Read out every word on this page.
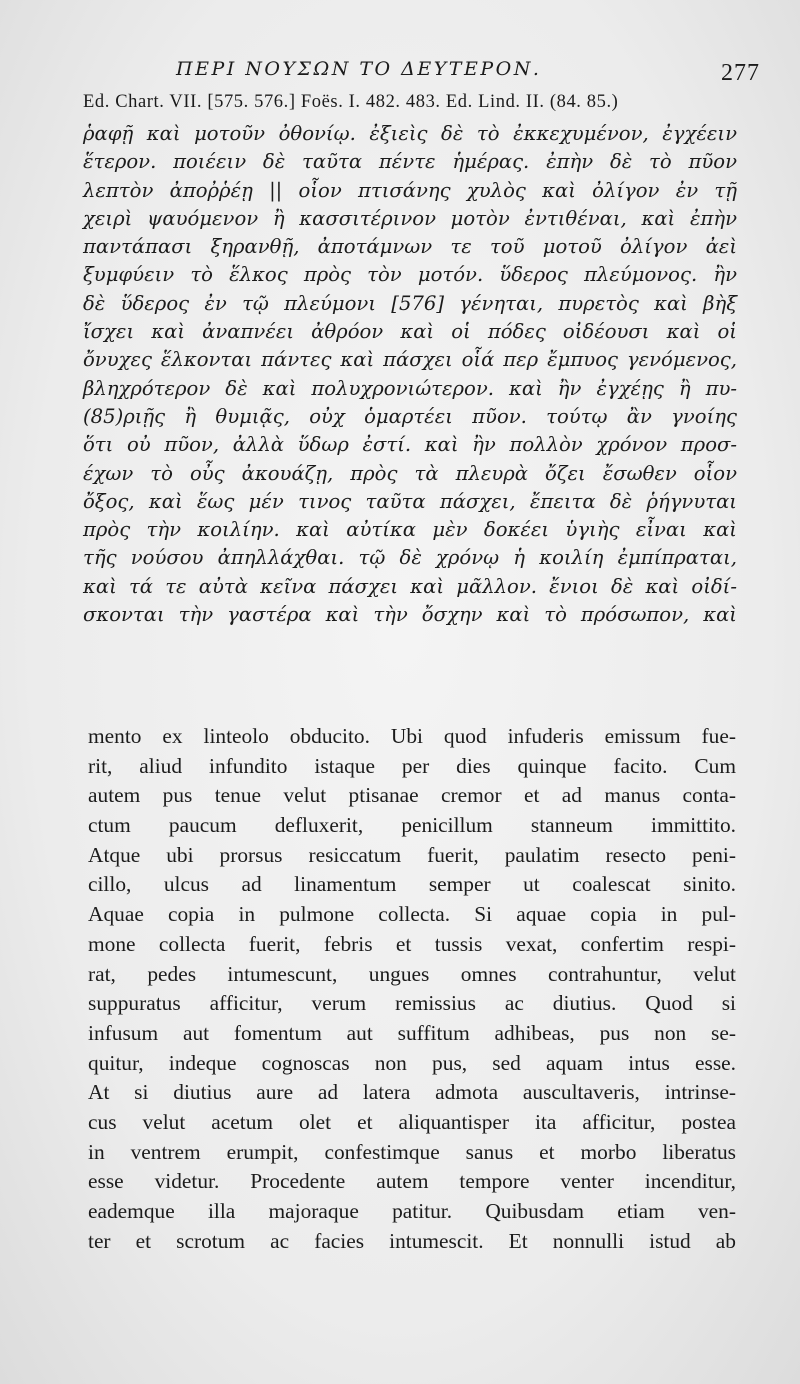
ΠΕΡΙ ΝΟΥΣΩΝ ΤΟ ΔΕΥΤΕΡΟΝ.	277
Ed. Chart. VII. [575. 576.] Foës. I. 482. 483. Ed. Lind. II. (84. 85.)
ῥαφῇ καὶ μοτοῦν ὀθονίῳ. ἐξιεὶς δὲ τὸ ἐκκεχυμένον, ἐγχέειν
ἕτερον. ποιέειν δὲ ταῦτα πέντε ἡμέρας. ἐπὴν δὲ τὸ πῦον
λεπτὸν ἀποῤῥέῃ || οἷον πτισάνης χυλὸς καὶ ὀλίγον ἐν τῇ
χειρὶ ψαυόμενον ἢ κασσιτέρινον μοτὸν ἐντιθέναι, καὶ ἐπὴν
παντάπασι ξηρανθῇ, ἀποτάμνων τε τοῦ μοτοῦ ὀλίγον ἀεὶ
ξυμφύειν τὸ ἕλκος πρὸς τὸν μοτόν. ὕδερος πλεύμονος. ἢν
δὲ ὕδερος ἐν τῷ πλεύμονι [576] γένηται, πυρετὸς καὶ βὴξ
ἴσχει καὶ ἀναπνέει ἀθρόον καὶ οἱ πόδες οἰδέουσι καὶ οἱ
ὄνυχες ἕλκονται πάντες καὶ πάσχει οἷά περ ἔμπυος γενόμενος,
βληχρότερον δὲ καὶ πολυχρονιώτερον. καὶ ἢν ἐγχέῃς ἢ πυ-
(85)ριῇς ἢ θυμιᾷς, οὐχ ὁμαρτέει πῦον. τούτῳ ἂν γνοίης
ὅτι οὐ πῦον, ἀλλὰ ὕδωρ ἐστί. καὶ ἢν πολλὸν χρόνον προσ-
έχων τὸ οὖς ἀκουάζῃ, πρὸς τὰ πλευρὰ ὄζει ἔσωθεν οἷον
ὄξος, καὶ ἕως μέν τινος ταῦτα πάσχει, ἔπειτα δὲ ῥήγνυται
πρὸς τὴν κοιλίην. καὶ αὐτίκα μὲν δοκέει ὑγιὴς εἶναι καὶ
τῆς νούσου ἀπηλλάχθαι. τῷ δὲ χρόνῳ ἡ κοιλίη ἐμπίπραται,
καὶ τά τε αὐτὰ κεῖνα πάσχει καὶ μᾶλλον. ἔνιοι δὲ καὶ οἰδί-
σκονται τὴν γαστέρα καὶ τὴν ὄσχην καὶ τὸ πρόσωπον, καὶ
mento ex linteolo obducito. Ubi quod infuderis emissum fue-
rit, aliud infundito istaque per dies quinque facito. Cum
autem pus tenue velut ptisanae cremor et ad manus conta-
ctum paucum defluxerit, penicillum stanneum immittito.
Atque ubi prorsus resiccatum fuerit, paulatim resecto peni-
cillo, ulcus ad linamentum semper ut coalescat sinito.
Aquae copia in pulmone collecta. Si aquae copia in pul-
mone collecta fuerit, febris et tussis vexat, confertim respi-
rat, pedes intumescunt, ungues omnes contrahuntur, velut
suppuratus afficitur, verum remissius ac diutius. Quod si
infusum aut fomentum aut suffitum adhibeas, pus non se-
quitur, indeque cognoscas non pus, sed aquam intus esse.
At si diutius aure ad latera admota auscultaveris, intrinse-
cus velut acetum olet et aliquantisper ita afficitur, postea
in ventrem erumpit, confestimque sanus et morbo liberatus
esse videtur. Procedente autem tempore venter incenditur,
eademque illa majoraque patitur. Quibusdam etiam ven-
ter et scrotum ac facies intumescit. Et nonnulli istud ab
